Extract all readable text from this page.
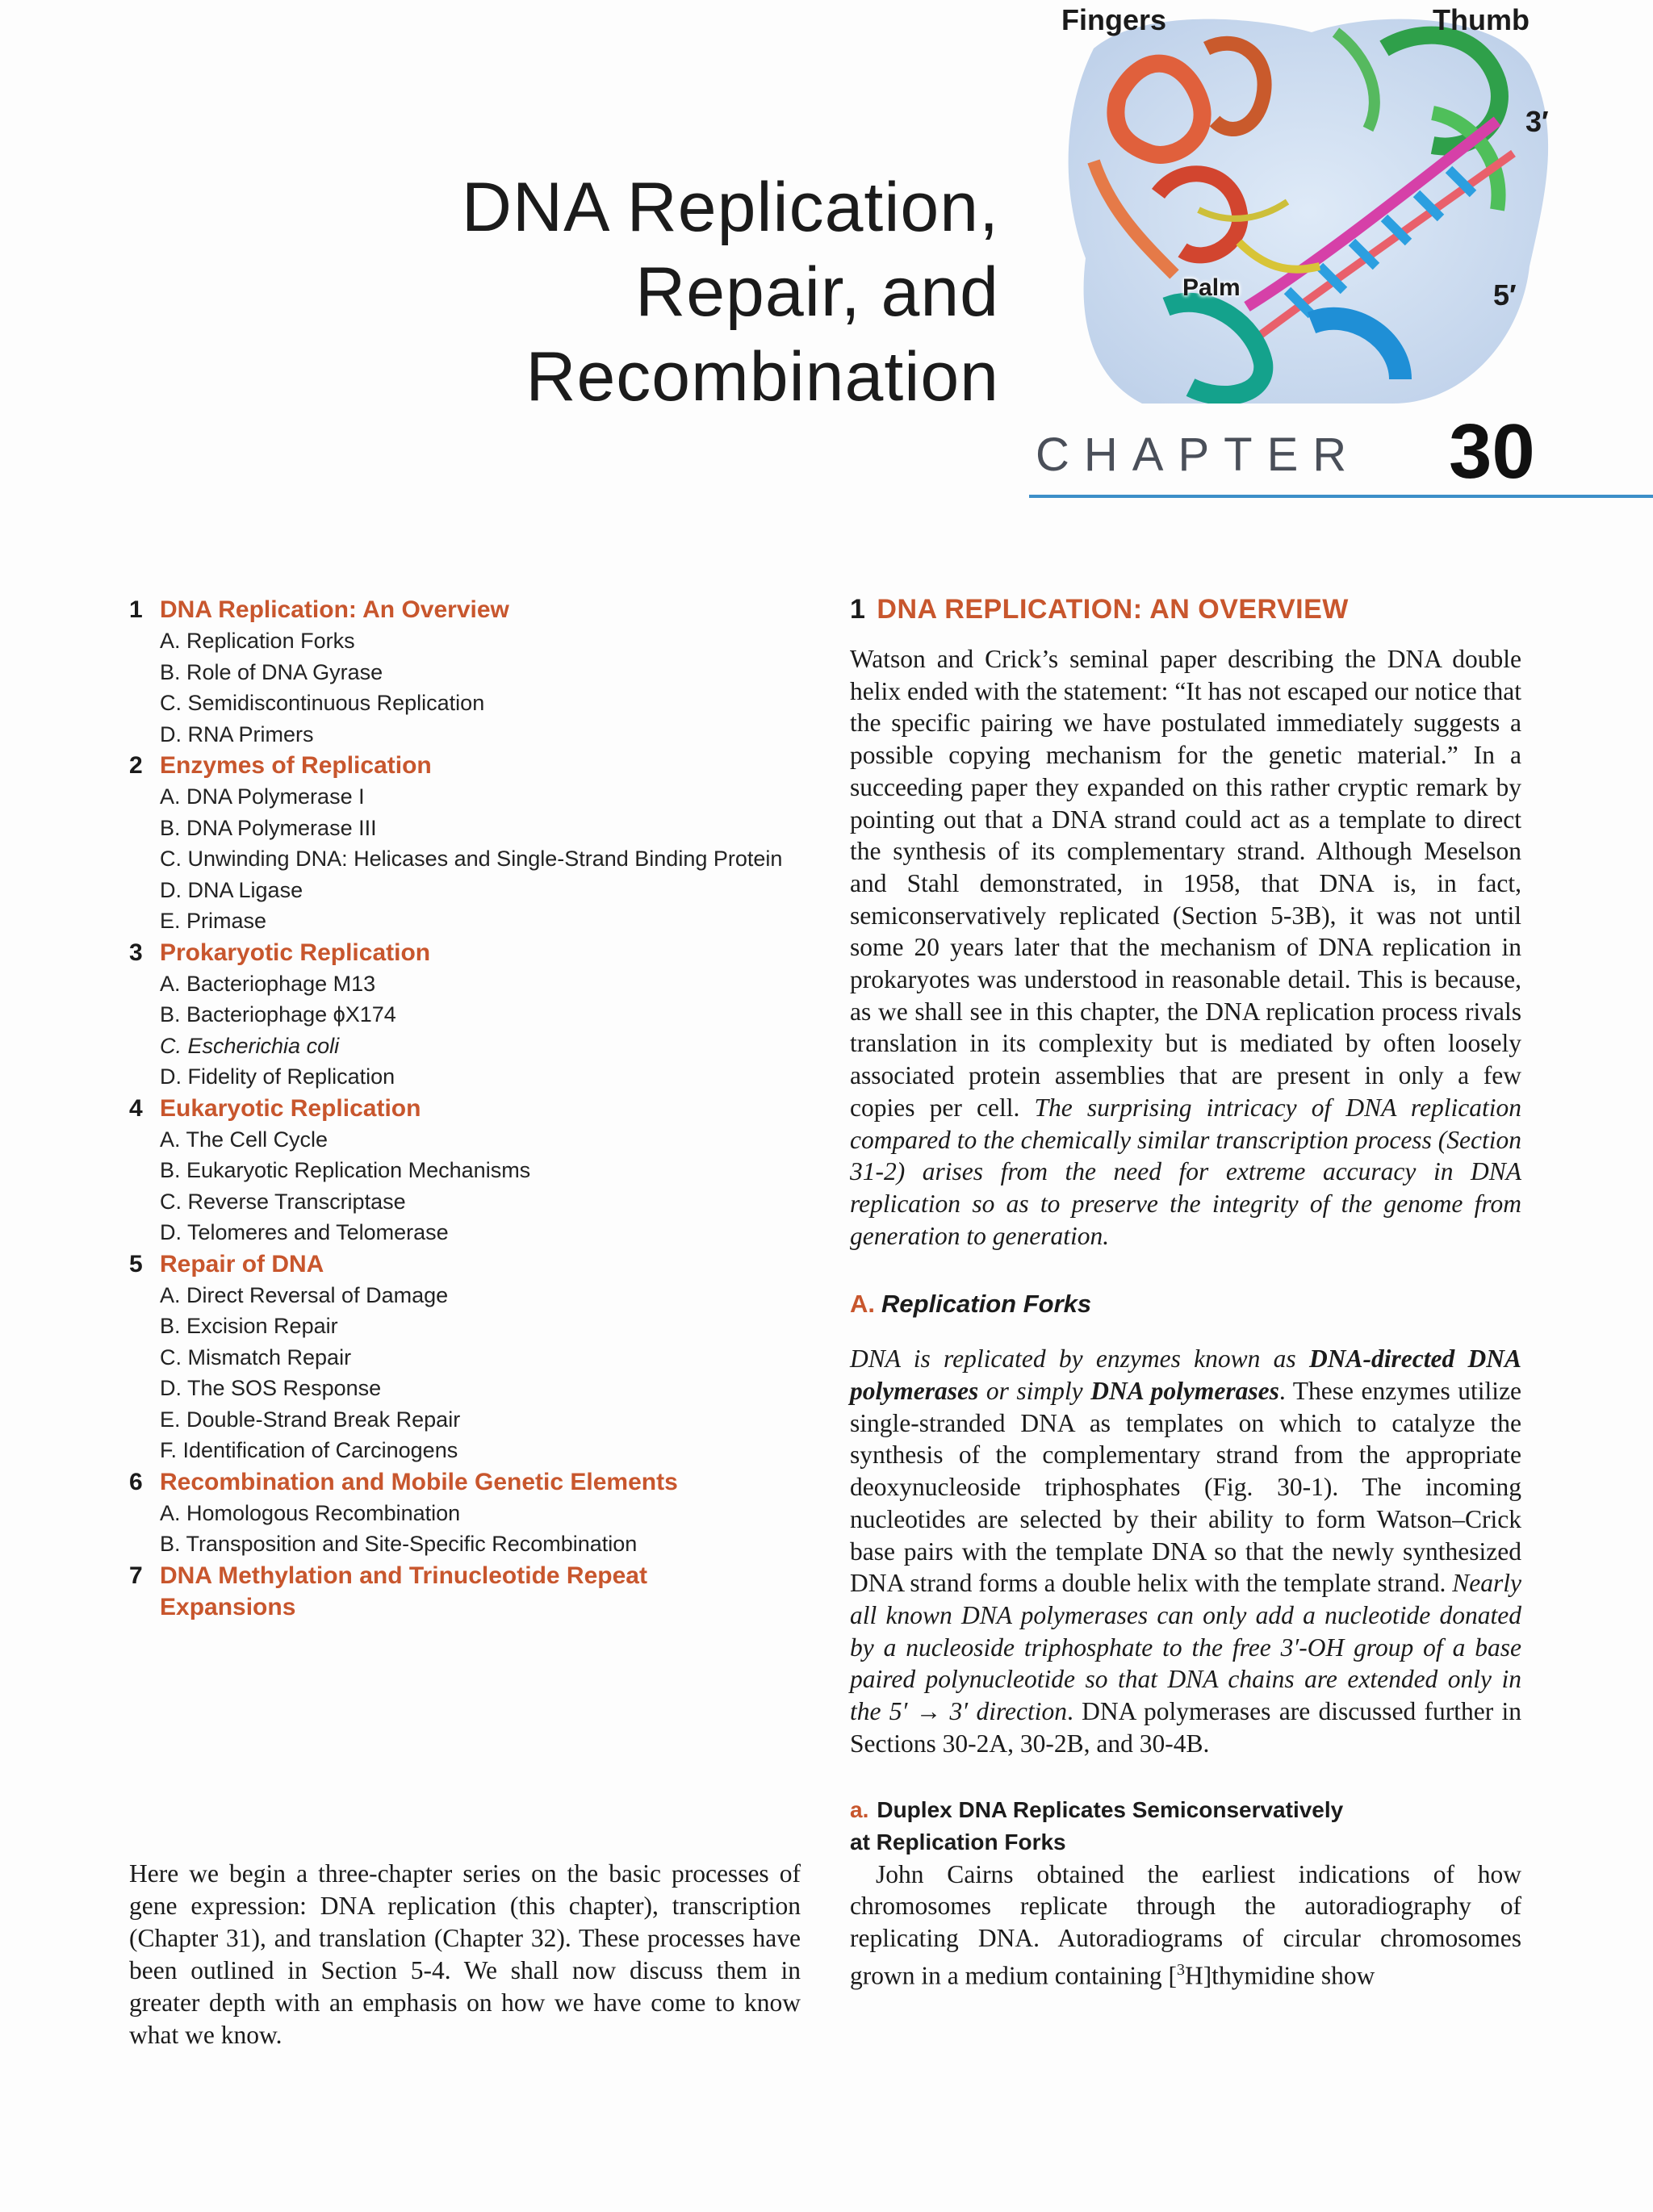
DNA Replication,
Repair, and
Recombination
Fingers	Thumb
3′
5′
Palm
CHAPTER 30
1 DNA Replication: An Overview
A. Replication Forks
B. Role of DNA Gyrase
C. Semidiscontinuous Replication
D. RNA Primers
2 Enzymes of Replication
A. DNA Polymerase I
B. DNA Polymerase III
C. Unwinding DNA: Helicases and Single-Strand Binding Protein
D. DNA Ligase
E. Primase
3 Prokaryotic Replication
A. Bacteriophage M13
B. Bacteriophage ϕX174
C. Escherichia coli
D. Fidelity of Replication
4 Eukaryotic Replication
A. The Cell Cycle
B. Eukaryotic Replication Mechanisms
C. Reverse Transcriptase
D. Telomeres and Telomerase
5 Repair of DNA
A. Direct Reversal of Damage
B. Excision Repair
C. Mismatch Repair
D. The SOS Response
E. Double-Strand Break Repair
F. Identification of Carcinogens
6 Recombination and Mobile Genetic Elements
A. Homologous Recombination
B. Transposition and Site-Specific Recombination
7 DNA Methylation and Trinucleotide Repeat Expansions

Here we begin a three-chapter series on the basic processes of gene expression: DNA replication (this chapter), transcription (Chapter 31), and translation (Chapter 32). These processes have been outlined in Section 5-4. We shall now discuss them in greater depth with an emphasis on how we have come to know what we know.

1 DNA REPLICATION: AN OVERVIEW

Watson and Crick’s seminal paper describing the DNA double helix ended with the statement: “It has not escaped our notice that the specific pairing we have postulated immediately suggests a possible copying mechanism for the genetic material.” In a succeeding paper they expanded on this rather cryptic remark by pointing out that a DNA strand could act as a template to direct the synthesis of its complementary strand. Although Meselson and Stahl demonstrated, in 1958, that DNA is, in fact, semiconservatively replicated (Section 5-3B), it was not until some 20 years later that the mechanism of DNA replication in prokaryotes was understood in reasonable detail. This is because, as we shall see in this chapter, the DNA replication process rivals translation in its complexity but is mediated by often loosely associated protein assemblies that are present in only a few copies per cell. The surprising intricacy of DNA replication compared to the chemically similar transcription process (Section 31-2) arises from the need for extreme accuracy in DNA replication so as to preserve the integrity of the genome from generation to generation.

A. Replication Forks

DNA is replicated by enzymes known as DNA-directed DNA polymerases or simply DNA polymerases. These enzymes utilize single-stranded DNA as templates on which to catalyze the synthesis of the complementary strand from the appropriate deoxynucleoside triphosphates (Fig. 30-1). The incoming nucleotides are selected by their ability to form Watson–Crick base pairs with the template DNA so that the newly synthesized DNA strand forms a double helix with the template strand. Nearly all known DNA polymerases can only add a nucleotide donated by a nucleoside triphosphate to the free 3′-OH group of a base paired polynucleotide so that DNA chains are extended only in the 5′ → 3′ direction. DNA polymerases are discussed further in Sections 30-2A, 30-2B, and 30-4B.

a. Duplex DNA Replicates Semiconservatively
at Replication Forks

John Cairns obtained the earliest indications of how chromosomes replicate through the autoradiography of replicating DNA. Autoradiograms of circular chromosomes grown in a medium containing [$^3$H]thymidine show
